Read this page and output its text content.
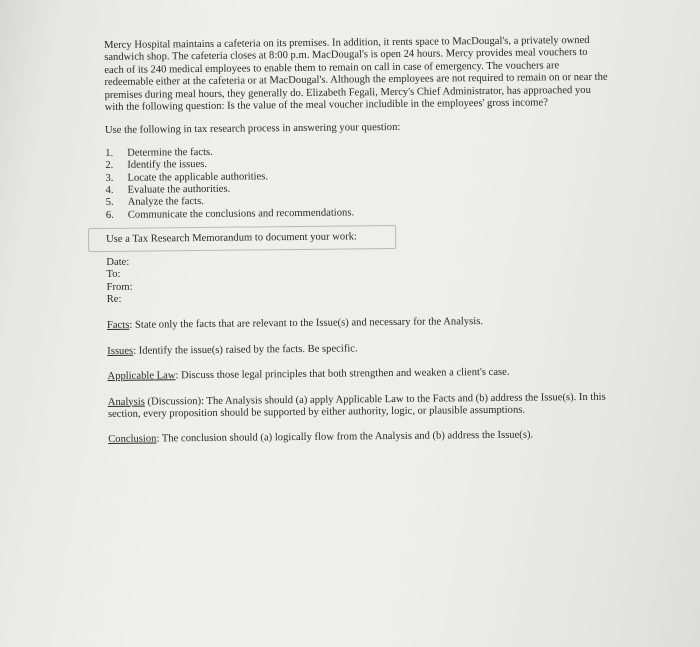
Mercy Hospital maintains a cafeteria on its premises. In addition, it rents space to MacDougal's, a privately owned sandwich shop. The cafeteria closes at 8:00 p.m. MacDougal's is open 24 hours. Mercy provides meal vouchers to each of its 240 medical employees to enable them to remain on call in case of emergency. The vouchers are redeemable either at the cafeteria or at MacDougal's. Although the employees are not required to remain on or near the premises during meal hours, they generally do. Elizabeth Fegali, Mercy's Chief Administrator, has approached you with the following question: Is the value of the meal voucher includible in the employees' gross income?

Use the following in tax research process in answering your question:

1.	Determine the facts.
2.	Identify the issues.
3.	Locate the applicable authorities.
4.	Evaluate the authorities.
5.	Analyze the facts.
6.	Communicate the conclusions and recommendations.

Use a Tax Research Memorandum to document your work:

Date:

To:

From:

Re:

Facts: State only the facts that are relevant to the Issue(s) and necessary for the Analysis.

Issues: Identify the issue(s) raised by the facts. Be specific.

Applicable Law: Discuss those legal principles that both strengthen and weaken a client's case.

Analysis (Discussion): The Analysis should (a) apply Applicable Law to the Facts and (b) address the Issue(s). In this section, every proposition should be supported by either authority, logic, or plausible assumptions.

Conclusion: The conclusion should (a) logically flow from the Analysis and (b) address the Issue(s).
